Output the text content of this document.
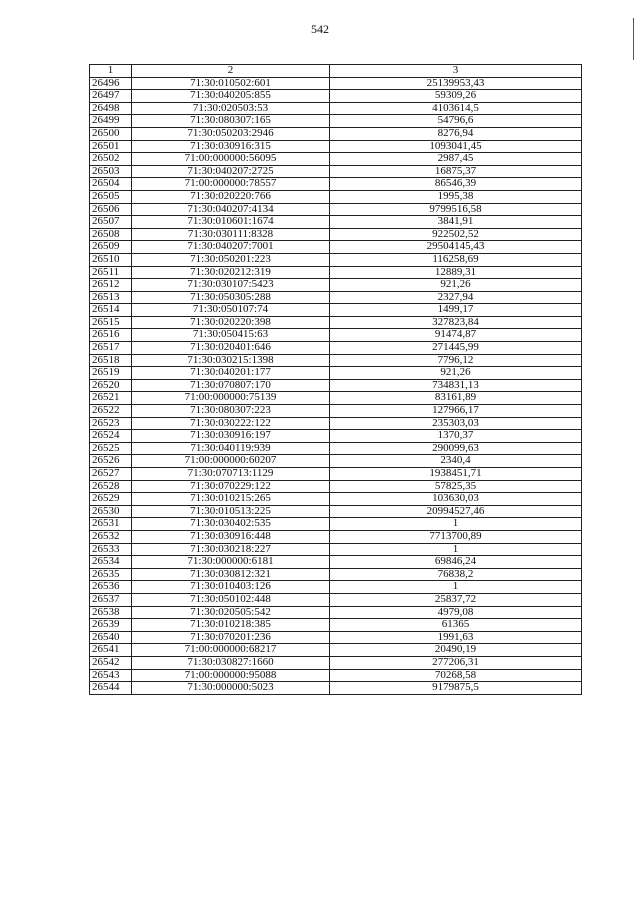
542
1	2	3
26496	71:30:010502:601	25139953,43
26497	71:30:040205:855	59309,26
26498	71:30:020503:53	4103614,5
26499	71:30:080307:165	54796,6
26500	71:30:050203:2946	8276,94
26501	71:30:030916:315	1093041,45
26502	71:00:000000:56095	2987,45
26503	71:30:040207:2725	16875,37
26504	71:00:000000:78557	86546,39
26505	71:30:020220:766	1995,38
26506	71:30:040207:4134	9799516,58
26507	71:30:010601:1674	3841,91
26508	71:30:030111:8328	922502,52
26509	71:30:040207:7001	29504145,43
26510	71:30:050201:223	116258,69
26511	71:30:020212:319	12889,31
26512	71:30:030107:5423	921,26
26513	71:30:050305:288	2327,94
26514	71:30:050107:74	1499,17
26515	71:30:020220:398	327823,84
26516	71:30:050415:63	91474,87
26517	71:30:020401:646	271445,99
26518	71:30:030215:1398	7796,12
26519	71:30:040201:177	921,26
26520	71:30:070807:170	734831,13
26521	71:00:000000:75139	83161,89
26522	71:30:080307:223	127966,17
26523	71:30:030222:122	235303,03
26524	71:30:030916:197	1370,37
26525	71:30:040119:939	290099,63
26526	71:00:000000:60207	2340,4
26527	71:30:070713:1129	1938451,71
26528	71:30:070229:122	57825,35
26529	71:30:010215:265	103630,03
26530	71:30:010513:225	20994527,46
26531	71:30:030402:535	1
26532	71:30:030916:448	7713700,89
26533	71:30:030218:227	1
26534	71:30:000000:6181	69846,24
26535	71:30:030812:321	76838,2
26536	71:30:010403:126	1
26537	71:30:050102:448	25837,72
26538	71:30:020505:542	4979,08
26539	71:30:010218:385	61365
26540	71:30:070201:236	1991,63
26541	71:00:000000:68217	20490,19
26542	71:30:030827:1660	277206,31
26543	71:00:000000:95088	70268,58
26544	71:30:000000:5023	9179875,5
